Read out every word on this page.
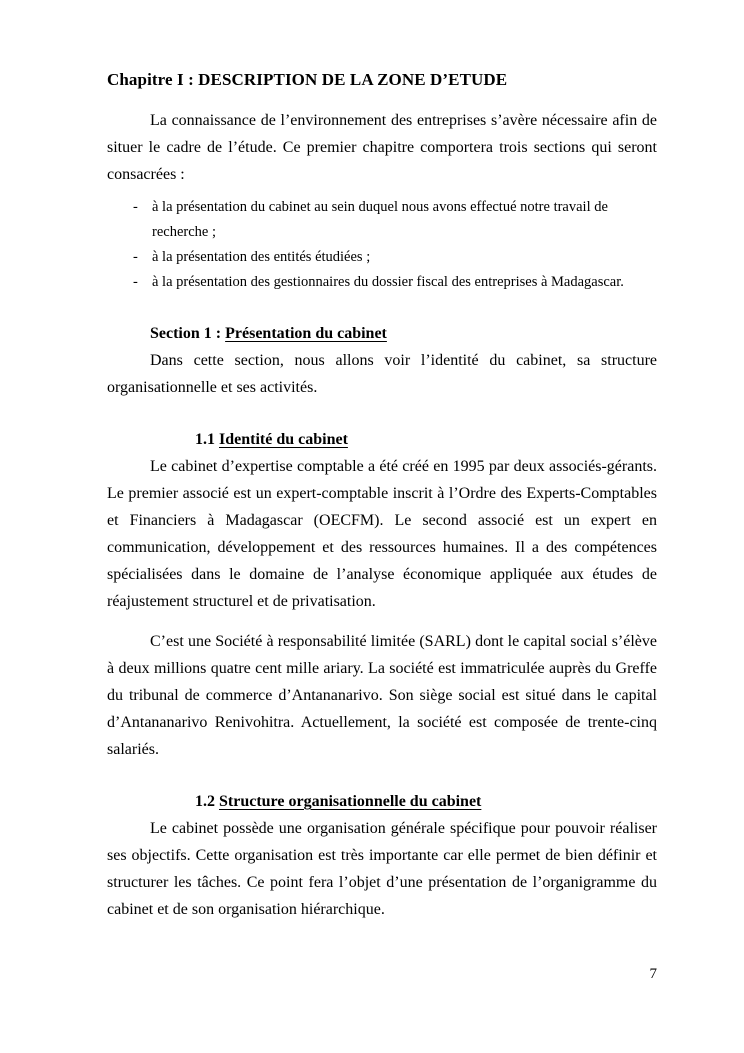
Chapitre I : DESCRIPTION DE LA ZONE D’ETUDE

La connaissance de l’environnement des entreprises s’avère nécessaire afin de situer le cadre de l’étude. Ce premier chapitre comportera trois sections qui seront consacrées :

- à la présentation du cabinet au sein duquel nous avons effectué notre travail de recherche ;
- à la présentation des entités étudiées ;
- à la présentation des gestionnaires du dossier fiscal des entreprises à Madagascar.
Section 1 : Présentation du cabinet

Dans cette section, nous allons voir l’identité du cabinet, sa structure organisationnelle et ses activités.

1.1 Identité du cabinet

Le cabinet d’expertise comptable a été créé en 1995 par deux associés-gérants. Le premier associé est un expert-comptable inscrit à l’Ordre des Experts-Comptables et Financiers à Madagascar (OECFM). Le second associé est un expert en communication, développement et des ressources humaines. Il a des compétences spécialisées dans le domaine de l’analyse économique appliquée aux études de réajustement structurel et de privatisation.

C’est une Société à responsabilité limitée (SARL) dont le capital social s’élève à deux millions quatre cent mille ariary. La société est immatriculée auprès du Greffe du tribunal de commerce d’Antananarivo. Son siège social est situé dans le capital d’Antananarivo Renivohitra. Actuellement, la société est composée de trente-cinq salariés.

1.2 Structure organisationnelle du cabinet

Le cabinet possède une organisation générale spécifique pour pouvoir réaliser ses objectifs. Cette organisation est très importante car elle permet de bien définir et structurer les tâches. Ce point fera l’objet d’une présentation de l’organigramme du cabinet et de son organisation hiérarchique.

7
